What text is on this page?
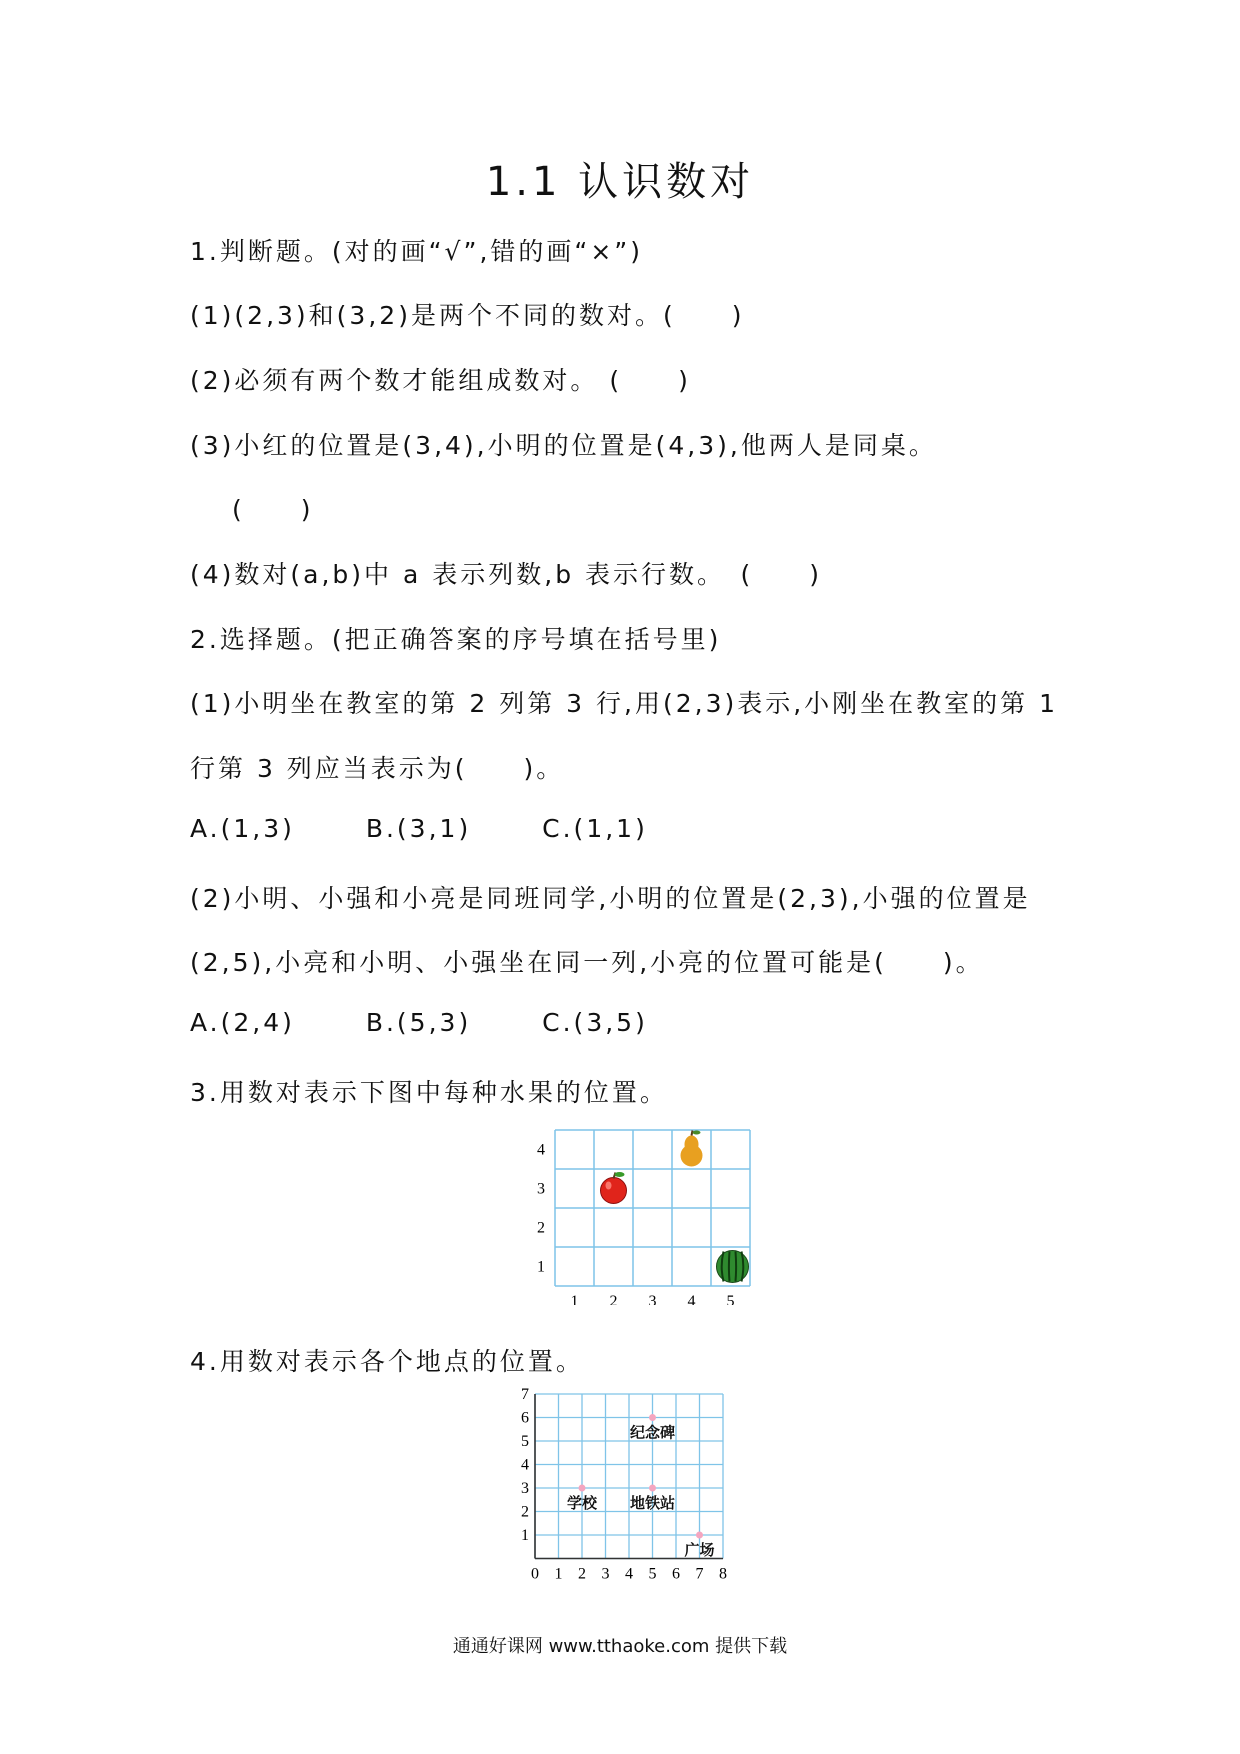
1.1 认识数对
1.判断题。(对的画“√”,错的画“×”)
(1)(2,3)和(3,2)是两个不同的数对。(　　)
(2)必须有两个数才能组成数对。 (　　)
(3)小红的位置是(3,4),小明的位置是(4,3),他两人是同桌。
(　　)
(4)数对(a,b)中 a 表示列数,b 表示行数。　(　　)
2.选择题。(把正确答案的序号填在括号里)
(1)小明坐在教室的第 2 列第 3 行,用(2,3)表示,小刚坐在教室的第 1
行第 3 列应当表示为(　　)。
A.(1,3)	B.(3,1)	C.(1,1)
(2)小明、小强和小亮是同班同学,小明的位置是(2,3),小强的位置是
(2,5),小亮和小明、小强坐在同一列,小亮的位置可能是(　　)。
A.(2,4)	B.(5,3)	C.(3,5)
3.用数对表示下图中每种水果的位置。
1 2 3 4 5
1
2
3
4
4.用数对表示各个地点的位置。
0 1 2 3 4 5 6 7 8
1
2
3
4
5
6
7
纪念碑
学校 地铁站
广场
通通好课网 www.tthaoke.com 提供下载
